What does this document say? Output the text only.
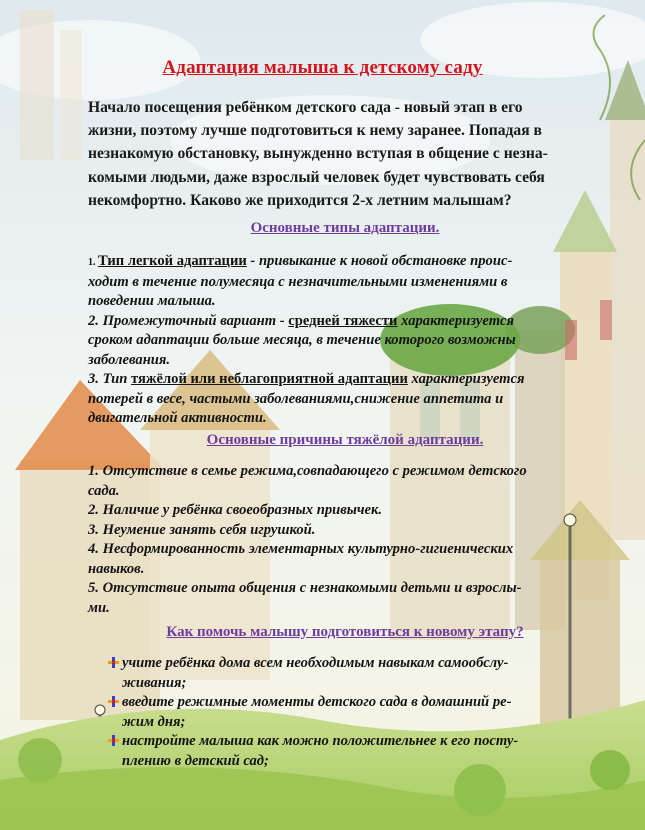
Адаптация малыша к детскому саду
Начало посещения ребёнком детского сада - новый этап в его
жизни, поэтому лучше подготовиться к нему заранее. Попадая в
незнакомую обстановку, вынужденно вступая в общение с незна-
комыми людьми, даже взрослый человек будет чувствовать себя
некомфортно. Каково же приходится 2-х летним малышам?
Основные типы адаптации.
1. Тип легкой адаптации - привыкание к новой обстановке проис-
ходит в течение полумесяца с незначительными изменениями в
поведении малыша.
2. Промежуточный вариант - средней тяжести характеризуется
сроком адаптации больше месяца, в течение которого возможны
заболевания.
3. Тип тяжёлой или неблагоприятной адаптации характеризуется
потерей в весе, частыми заболеваниями,снижение аппетита и
двигательной активности.
Основные причины тяжёлой адаптации.
1. Отсутствие в семье режима,совпадающего с режимом детского
сада.
2. Наличие у ребёнка своеобразных привычек.
3. Неумение занять себя игрушкой.
4. Несформированность элементарных культурно-гигиенических
навыков.
5. Отсутствие опыта общения с незнакомыми детьми и взрослы-
ми.
Как помочь малышу подготовиться к новому этапу?
учите ребёнка дома всем необходимым навыкам самообслу-
живания;
введите режимные моменты детского сада в домашний ре-
жим дня;
настройте малыша как можно положительнее к его посту-
плению в детский сад;
